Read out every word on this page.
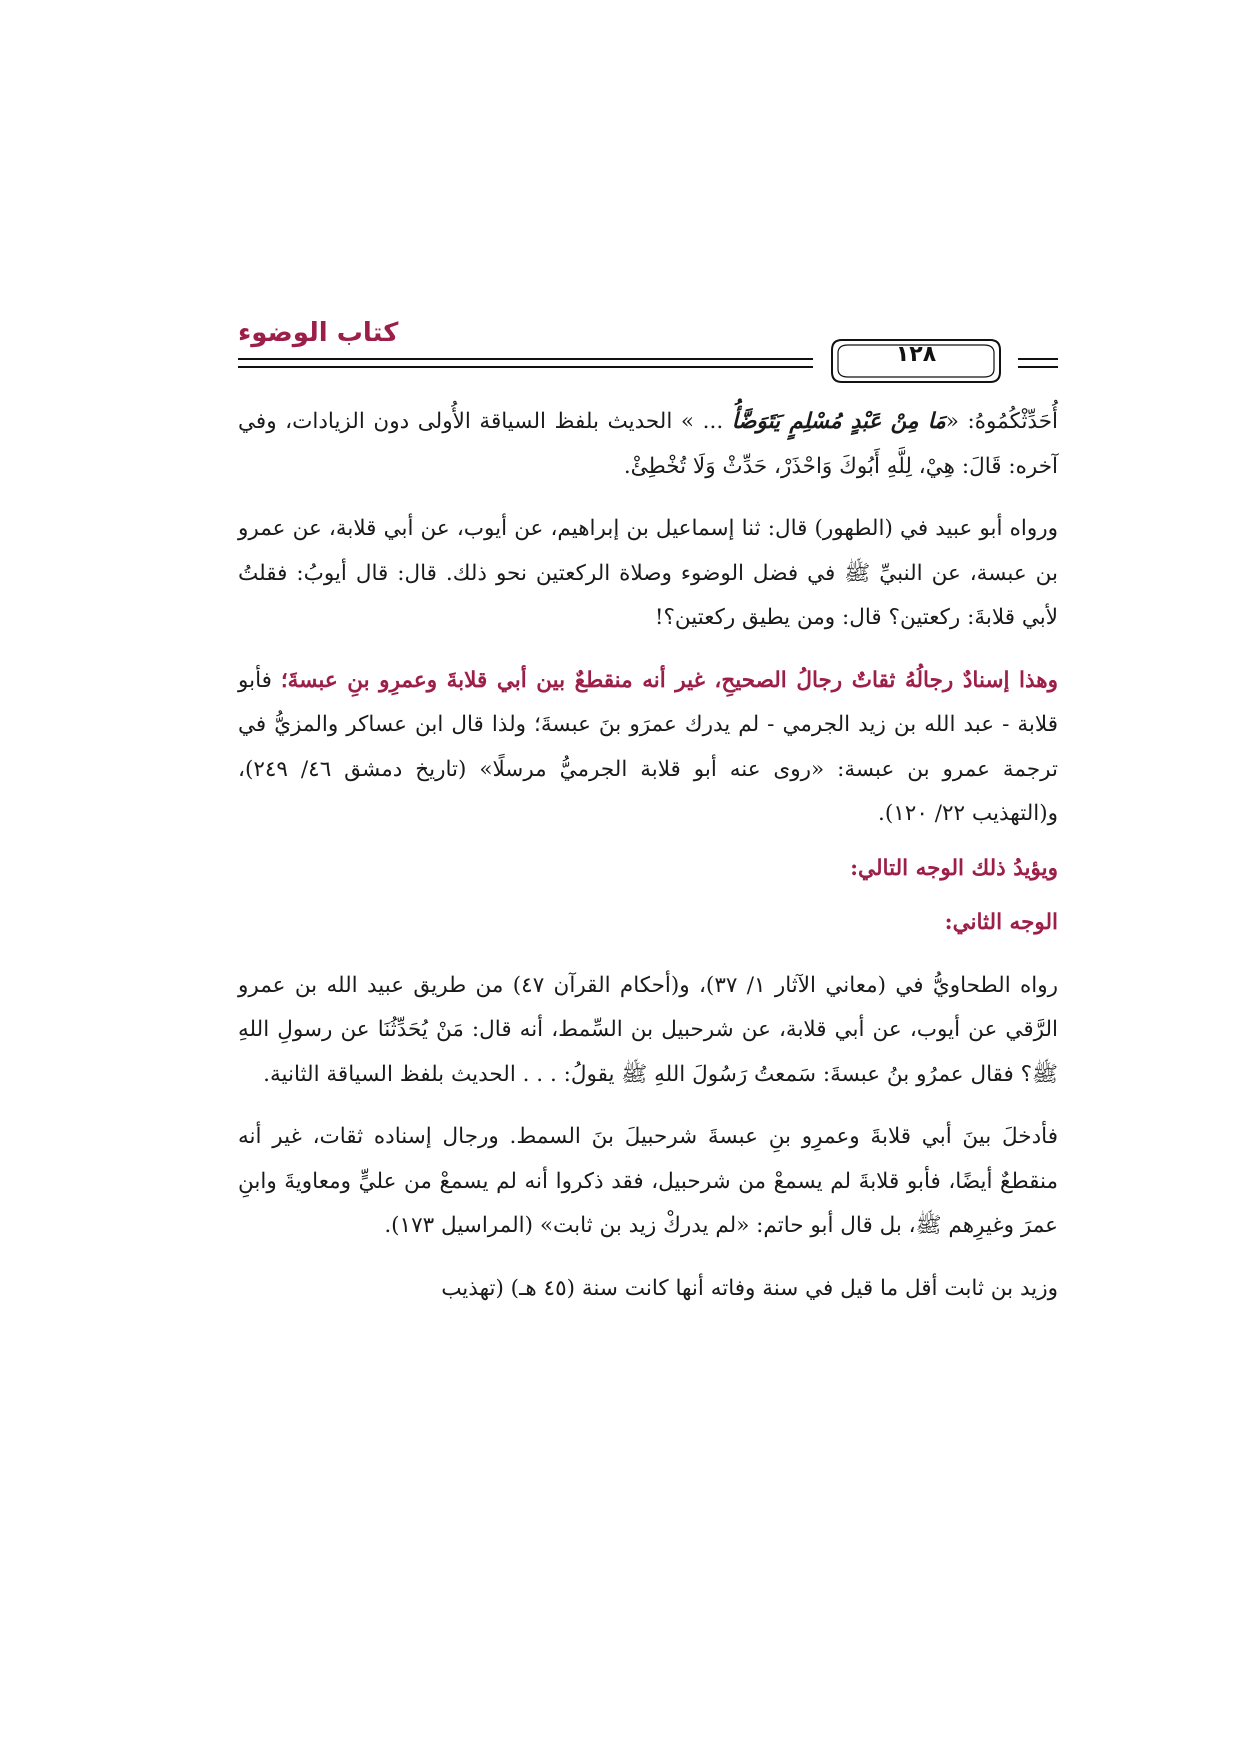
كتاب الوضوء
١٢٨

أُحَدِّثْكُمُوهُ: «مَا مِنْ عَبْدٍ مُسْلِمٍ يَتَوَضَّأُ ... » الحديث بلفظ السياقة الأُولى دون الزيادات، وفي آخره: قَالَ: هِيْ، لِلَّهِ أَبُوكَ وَاحْذَرْ، حَدِّثْ وَلَا تُخْطِئْ.

ورواه أبو عبيد في (الطهور) قال: ثنا إسماعيل بن إبراهيم، عن أيوب، عن أبي قلابة، عن عمرو بن عبسة، عن النبيِّ ﷺ في فضل الوضوء وصلاة الركعتين نحو ذلك. قال: قال أيوبُ: فقلتُ لأبي قلابةَ: ركعتين؟ قال: ومن يطيق ركعتين؟!

وهذا إسنادٌ رجالُهُ ثقاتٌ رجالُ الصحيحِ، غير أنه منقطعٌ بين أبي قلابةَ وعمرِو بنِ عبسةَ؛ فأبو قلابة - عبد الله بن زيد الجرمي - لم يدرك عمرَو بنَ عبسةَ؛ ولذا قال ابن عساكر والمزيُّ في ترجمة عمرو بن عبسة: «روى عنه أبو قلابة الجرميُّ مرسلًا» (تاريخ دمشق ٤٦/ ٢٤٩)، و(التهذيب ٢٢/ ١٢٠).

ويؤيدُ ذلك الوجه التالي:

الوجه الثاني:

رواه الطحاويُّ في (معاني الآثار ١/ ٣٧)، و(أحكام القرآن ٤٧) من طريق عبيد الله بن عمرو الرَّقي عن أيوب، عن أبي قلابة، عن شرحبيل بن السِّمط، أنه قال: مَنْ يُحَدِّثُنَا عن رسولِ اللهِ ﷺ؟ فقال عمرُو بنُ عبسةَ: سَمعتُ رَسُولَ اللهِ ﷺ يقولُ: . . . الحديث بلفظ السياقة الثانية.

فأدخلَ بينَ أبي قلابةَ وعمرِو بنِ عبسةَ شرحبيلَ بنَ السمط. ورجال إسناده ثقات، غير أنه منقطعٌ أيضًا، فأبو قلابةَ لم يسمعْ من شرحبيل، فقد ذكروا أنه لم يسمعْ من عليٍّ ومعاويةَ وابنِ عمرَ وغيرِهم ﷺ، بل قال أبو حاتم: «لم يدركْ زيد بن ثابت» (المراسيل ١٧٣).

وزيد بن ثابت أقل ما قيل في سنة وفاته أنها كانت سنة (٤٥ هـ) (تهذيب
